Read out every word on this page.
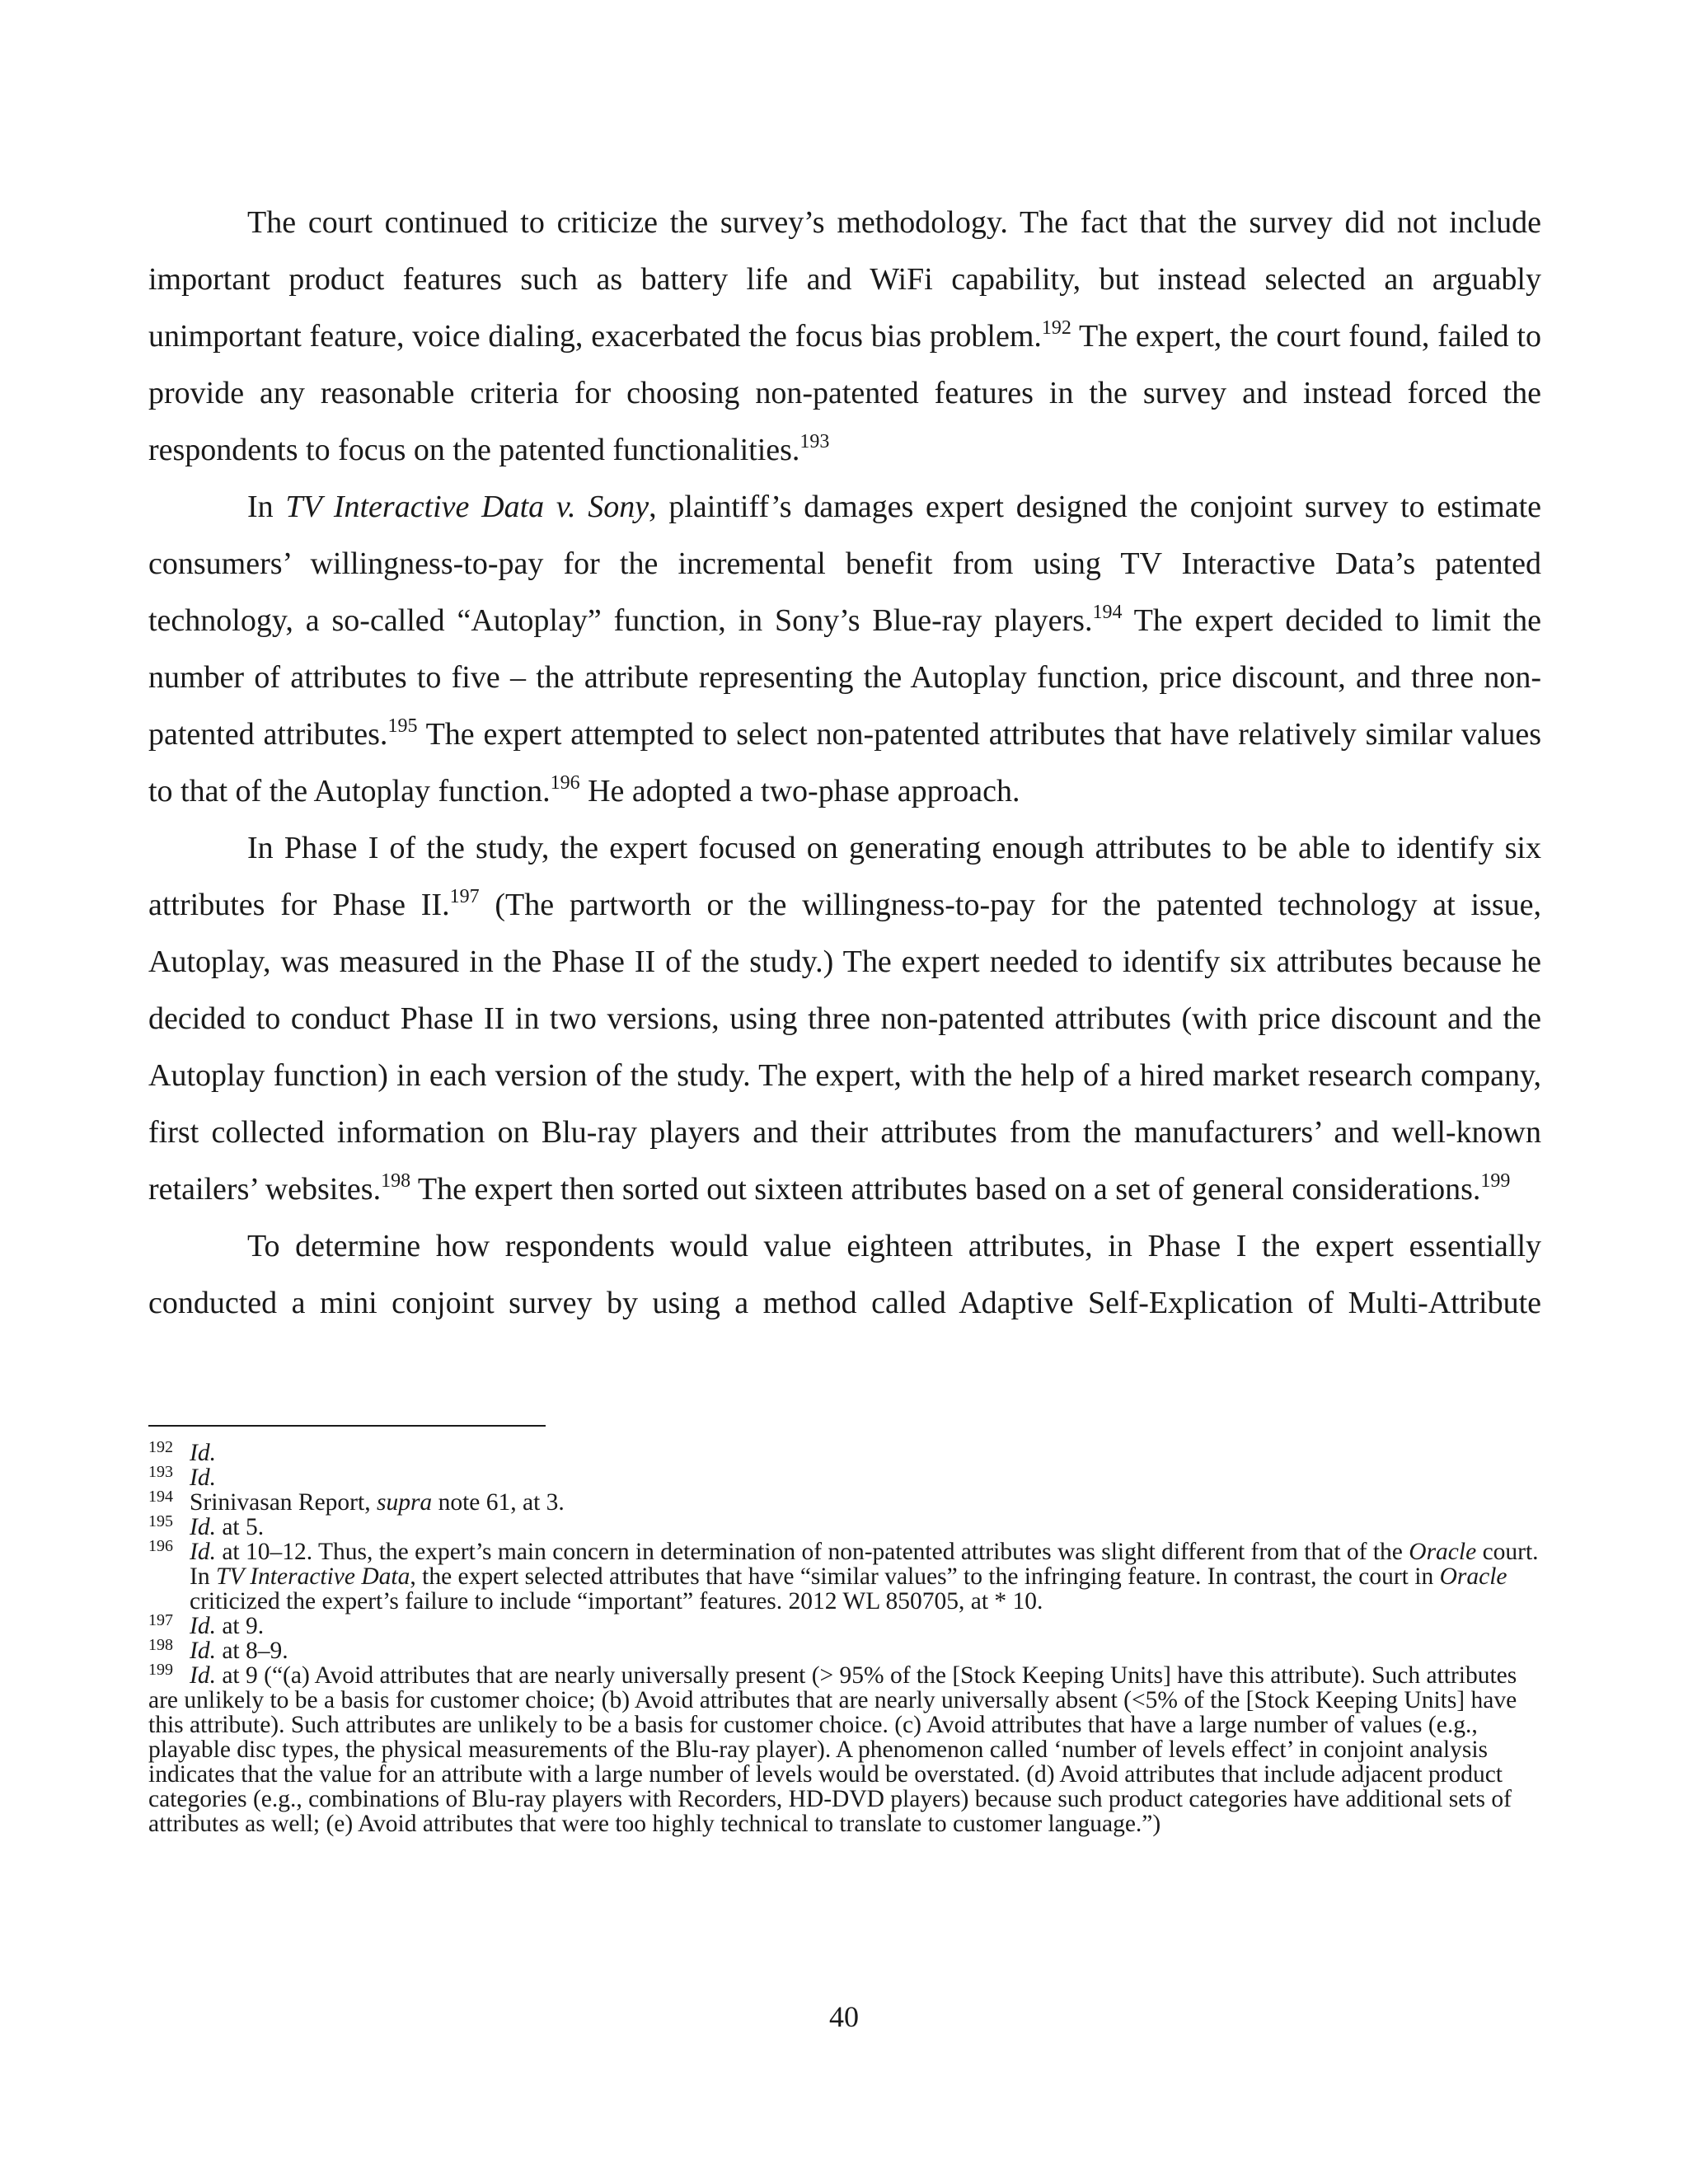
The court continued to criticize the survey’s methodology. The fact that the survey did not include important product features such as battery life and WiFi capability, but instead selected an arguably unimportant feature, voice dialing, exacerbated the focus bias problem.$^{192}$ The expert, the court found, failed to provide any reasonable criteria for choosing non-patented features in the survey and instead forced the respondents to focus on the patented functionalities.$^{193}$

In TV Interactive Data v. Sony, plaintiff’s damages expert designed the conjoint survey to estimate consumers’ willingness-to-pay for the incremental benefit from using TV Interactive Data’s patented technology, a so-called “Autoplay” function, in Sony’s Blue-ray players.$^{194}$ The expert decided to limit the number of attributes to five – the attribute representing the Autoplay function, price discount, and three non-patented attributes.$^{195}$ The expert attempted to select non-patented attributes that have relatively similar values to that of the Autoplay function.$^{196}$ He adopted a two-phase approach.

In Phase I of the study, the expert focused on generating enough attributes to be able to identify six attributes for Phase II.$^{197}$ (The partworth or the willingness-to-pay for the patented technology at issue, Autoplay, was measured in the Phase II of the study.) The expert needed to identify six attributes because he decided to conduct Phase II in two versions, using three non-patented attributes (with price discount and the Autoplay function) in each version of the study. The expert, with the help of a hired market research company, first collected information on Blu-ray players and their attributes from the manufacturers’ and well-known retailers’ websites.$^{198}$ The expert then sorted out sixteen attributes based on a set of general considerations.$^{199}$

To determine how respondents would value eighteen attributes, in Phase I the expert essentially conducted a mini conjoint survey by using a method called Adaptive Self-Explication of Multi-Attribute

192 Id.
193 Id.
194 Srinivasan Report, supra note 61, at 3.
195 Id. at 5.
196 Id. at 10–12. Thus, the expert’s main concern in determination of non-patented attributes was slight different from that of the Oracle court. In TV Interactive Data, the expert selected attributes that have “similar values” to the infringing feature. In contrast, the court in Oracle criticized the expert’s failure to include “important” features. 2012 WL 850705, at * 10.
197 Id. at 9.
198 Id. at 8–9.
199 Id. at 9 (“(a) Avoid attributes that are nearly universally present (> 95% of the [Stock Keeping Units] have this attribute). Such attributes are unlikely to be a basis for customer choice; (b) Avoid attributes that are nearly universally absent (<5% of the [Stock Keeping Units] have this attribute). Such attributes are unlikely to be a basis for customer choice. (c) Avoid attributes that have a large number of values (e.g., playable disc types, the physical measurements of the Blu-ray player). A phenomenon called ‘number of levels effect’ in conjoint analysis indicates that the value for an attribute with a large number of levels would be overstated. (d) Avoid attributes that include adjacent product categories (e.g., combinations of Blu-ray players with Recorders, HD-DVD players) because such product categories have additional sets of attributes as well; (e) Avoid attributes that were too highly technical to translate to customer language.”)
40
